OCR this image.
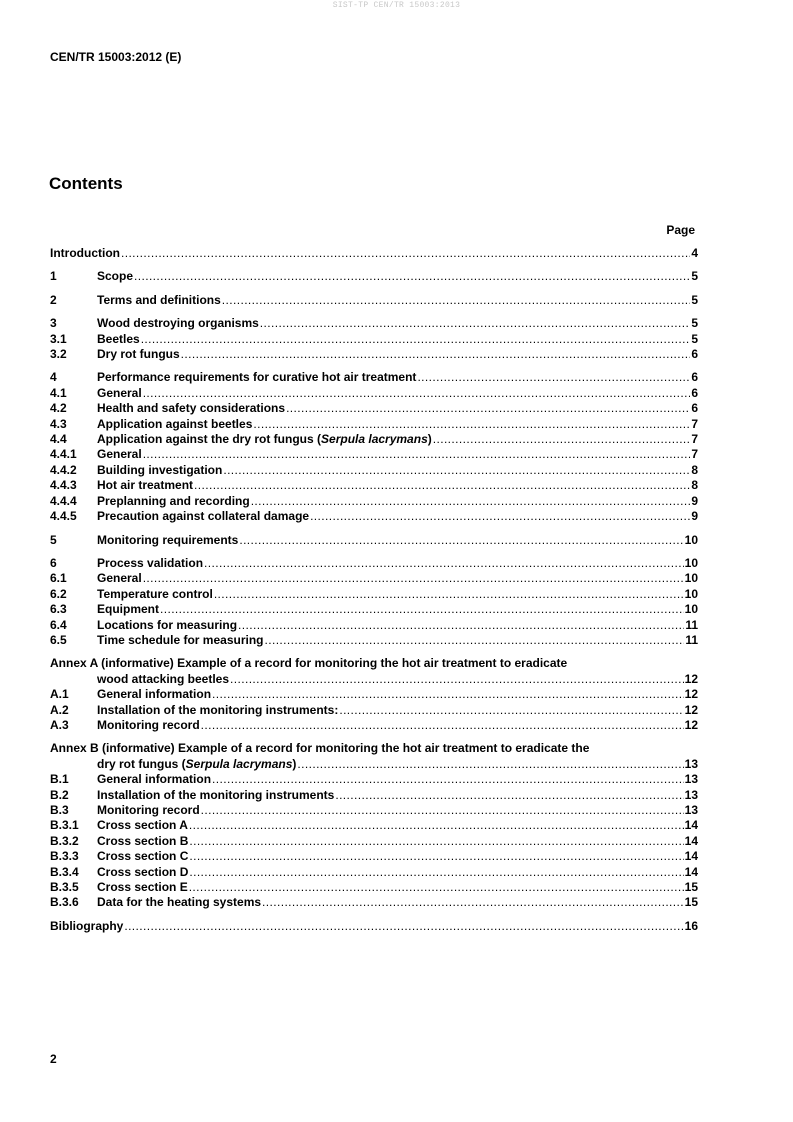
SIST-TP CEN/TR 15003:2013
CEN/TR 15003:2012 (E)
Contents
Page
Introduction .....	4
1	Scope .....	5
2	Terms and definitions .....	5
3	Wood destroying organisms .....	5
3.1	Beetles .....	5
3.2	Dry rot fungus .....	6
4	Performance requirements for curative hot air treatment .....	6
4.1	General .....	6
4.2	Health and safety considerations .....	6
4.3	Application against beetles .....	7
4.4	Application against the dry rot fungus (Serpula lacrymans) .....	7
4.4.1	General .....	7
4.4.2	Building investigation .....	8
4.4.3	Hot air treatment .....	8
4.4.4	Preplanning and recording .....	9
4.4.5	Precaution against collateral damage .....	9
5	Monitoring requirements .....	10
6	Process validation .....	10
6.1	General .....	10
6.2	Temperature control .....	10
6.3	Equipment .....	10
6.4	Locations for measuring .....	11
6.5	Time schedule for measuring .....	11
Annex A (informative) Example of a record for monitoring the hot air treatment to eradicate
wood attacking beetles .....	12
A.1	General information .....	12
A.2	Installation of the monitoring instruments: .....	12
A.3	Monitoring record .....	12
Annex B (informative) Example of a record for monitoring the hot air treatment to eradicate the
dry rot fungus (Serpula lacrymans) .....	13
B.1	General information .....	13
B.2	Installation of the monitoring instruments .....	13
B.3	Monitoring record .....	13
B.3.1	Cross section A .....	14
B.3.2	Cross section B .....	14
B.3.3	Cross section C .....	14
B.3.4	Cross section D .....	14
B.3.5	Cross section E .....	15
B.3.6	Data for the heating systems .....	15
Bibliography .....	16
2
